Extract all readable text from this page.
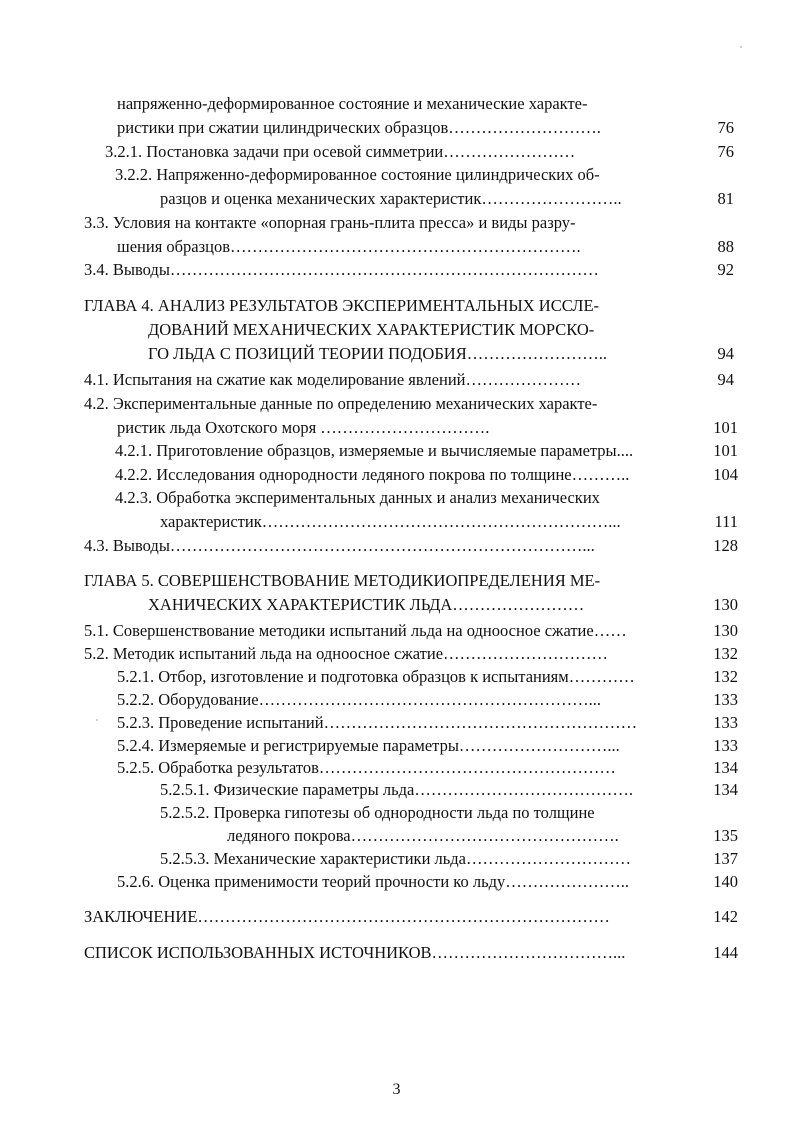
напряженно-деформированное состояние и механические характе-
ристики при сжатии цилиндрических образцов……………………….	76
3.2.1. Постановка задачи при осевой симметрии……………………	76
3.2.2. Напряженно-деформированное состояние цилиндрических об-
разцов и оценка механических характеристик……………………..	81
3.3. Условия на контакте «опорная грань-плита пресса» и виды разру-
шения образцов……………………………………………………….	88
3.4. Выводы……………………………………………………………………	92
ГЛАВА 4. АНАЛИЗ РЕЗУЛЬТАТОВ ЭКСПЕРИМЕНТАЛЬНЫХ ИССЛЕ-
ДОВАНИЙ МЕХАНИЧЕСКИХ ХАРАКТЕРИСТИК МОРСКО-
ГО ЛЬДА С ПОЗИЦИЙ ТЕОРИИ ПОДОБИЯ……………………..	94
4.1. Испытания на сжатие как моделирование явлений…………………	94
4.2. Экспериментальные данные по определению механических характе-
ристик льда Охотского моря ………………………….	101
4.2.1. Приготовление образцов, измеряемые и вычисляемые параметры....	101
4.2.2. Исследования однородности ледяного покрова по толщине………..	104
4.2.3. Обработка экспериментальных данных и анализ механических
характеристик………………………………………………………...	111
4.3. Выводы…………………………………………………………………...	128
ГЛАВА 5. СОВЕРШЕНСТВОВАНИЕ МЕТОДИКИОПРЕДЕЛЕНИЯ МЕ-
ХАНИЧЕСКИХ ХАРАКТЕРИСТИК ЛЬДА……………………	130
5.1. Совершенствование методики испытаний льда на одноосное сжатие……	130
5.2. Методик испытаний льда на одноосное сжатие…………………………	132
5.2.1. Отбор, изготовление и подготовка образцов к испытаниям…………	132
5.2.2. Оборудование……………………………………………………...	133
5.2.3. Проведение испытаний…………………………………………………	133
5.2.4. Измеряемые и регистрируемые параметры………………………...	133
5.2.5. Обработка результатов………………………………………………	134
5.2.5.1. Физические параметры льда………………………………….	134
5.2.5.2. Проверка гипотезы об однородности льда по толщине
ледяного покрова………………………………………….	135
5.2.5.3. Механические характеристики льда…………………………	137
5.2.6. Оценка применимости теорий прочности ко льду…………………..	140
ЗАКЛЮЧЕНИЕ…………………………………………………………………	142
СПИСОК ИСПОЛЬЗОВАННЫХ ИСТОЧНИКОВ……………………………...	144
3
